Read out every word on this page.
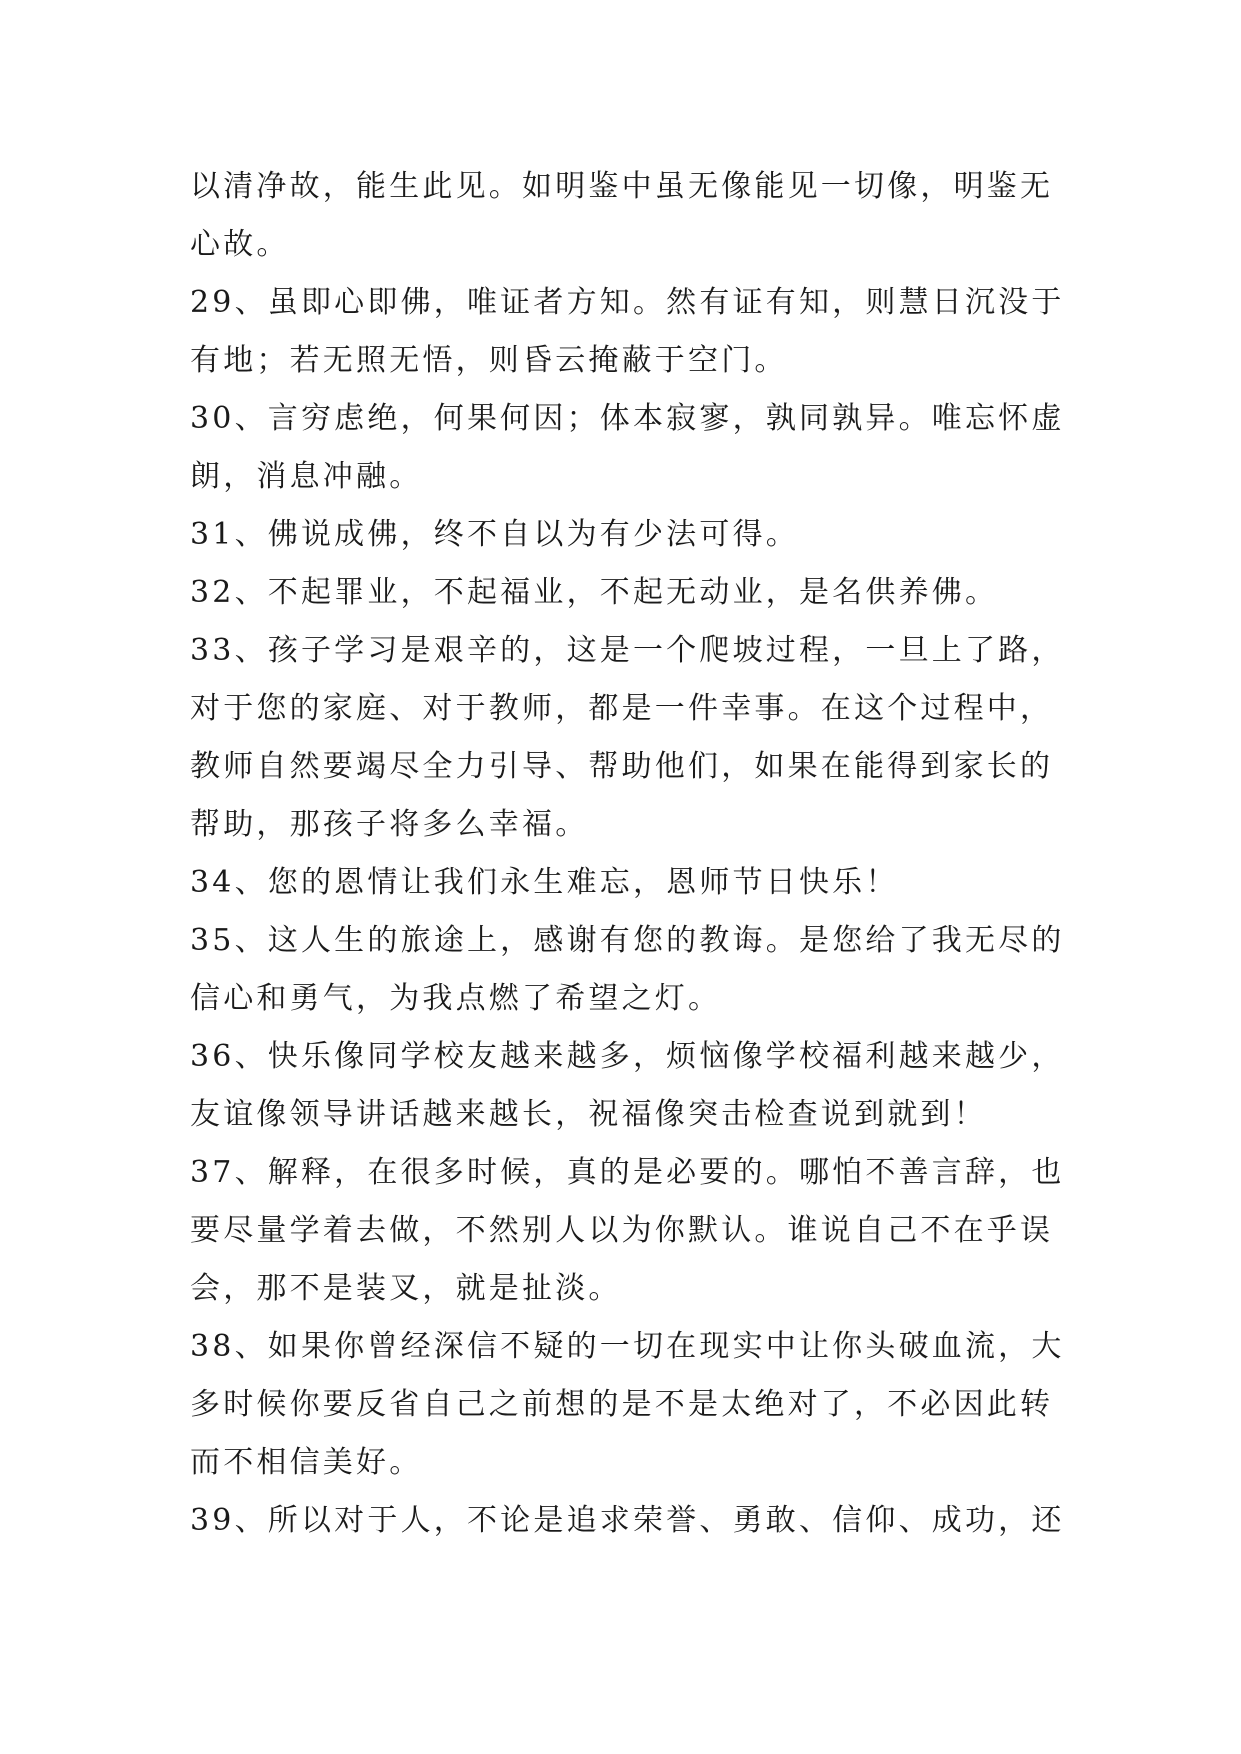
以清净故，能生此见。如明鉴中虽无像能见一切像，明鉴无
心故。
29、虽即心即佛，唯证者方知。然有证有知，则慧日沉没于
有地；若无照无悟，则昏云掩蔽于空门。
30、言穷虑绝，何果何因；体本寂寥，孰同孰异。唯忘怀虚
朗，消息冲融。
31、佛说成佛，终不自以为有少法可得。
32、不起罪业，不起福业，不起无动业，是名供养佛。
33、孩子学习是艰辛的，这是一个爬坡过程，一旦上了路，
对于您的家庭、对于教师，都是一件幸事。在这个过程中，
教师自然要竭尽全力引导、帮助他们，如果在能得到家长的
帮助，那孩子将多么幸福。
34、您的恩情让我们永生难忘，恩师节日快乐！
35、这人生的旅途上，感谢有您的教诲。是您给了我无尽的
信心和勇气，为我点燃了希望之灯。
36、快乐像同学校友越来越多，烦恼像学校福利越来越少，
友谊像领导讲话越来越长，祝福像突击检查说到就到！
37、解释，在很多时候，真的是必要的。哪怕不善言辞，也
要尽量学着去做，不然别人以为你默认。谁说自己不在乎误
会，那不是装叉，就是扯淡。
38、如果你曾经深信不疑的一切在现实中让你头破血流，大
多时候你要反省自己之前想的是不是太绝对了，不必因此转
而不相信美好。
39、所以对于人，不论是追求荣誉、勇敢、信仰、成功，还
